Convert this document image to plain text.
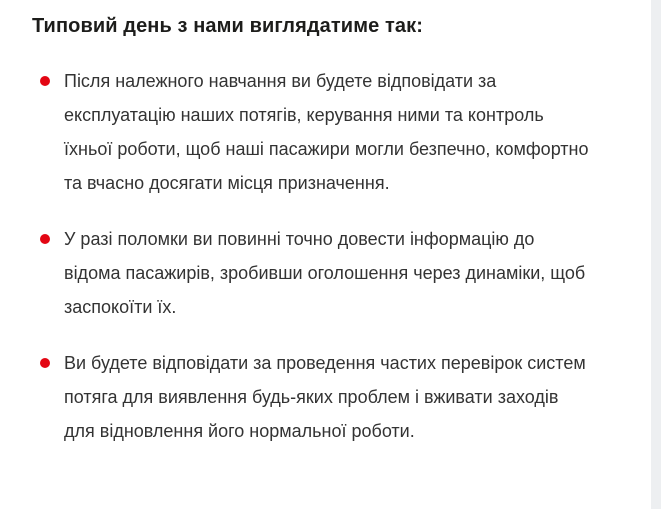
Типовий день з нами виглядатиме так:
Після належного навчання ви будете відповідати за експлуатацію наших потягів, керування ними та контроль їхньої роботи, щоб наші пасажири могли безпечно, комфортно та вчасно досягати місця призначення.
У разі поломки ви повинні точно довести інформацію до відома пасажирів, зробивши оголошення через динаміки, щоб заспокоїти їх.
Ви будете відповідати за проведення частих перевірок систем потяга для виявлення будь-яких проблем і вживати заходів для відновлення його нормальної роботи.
